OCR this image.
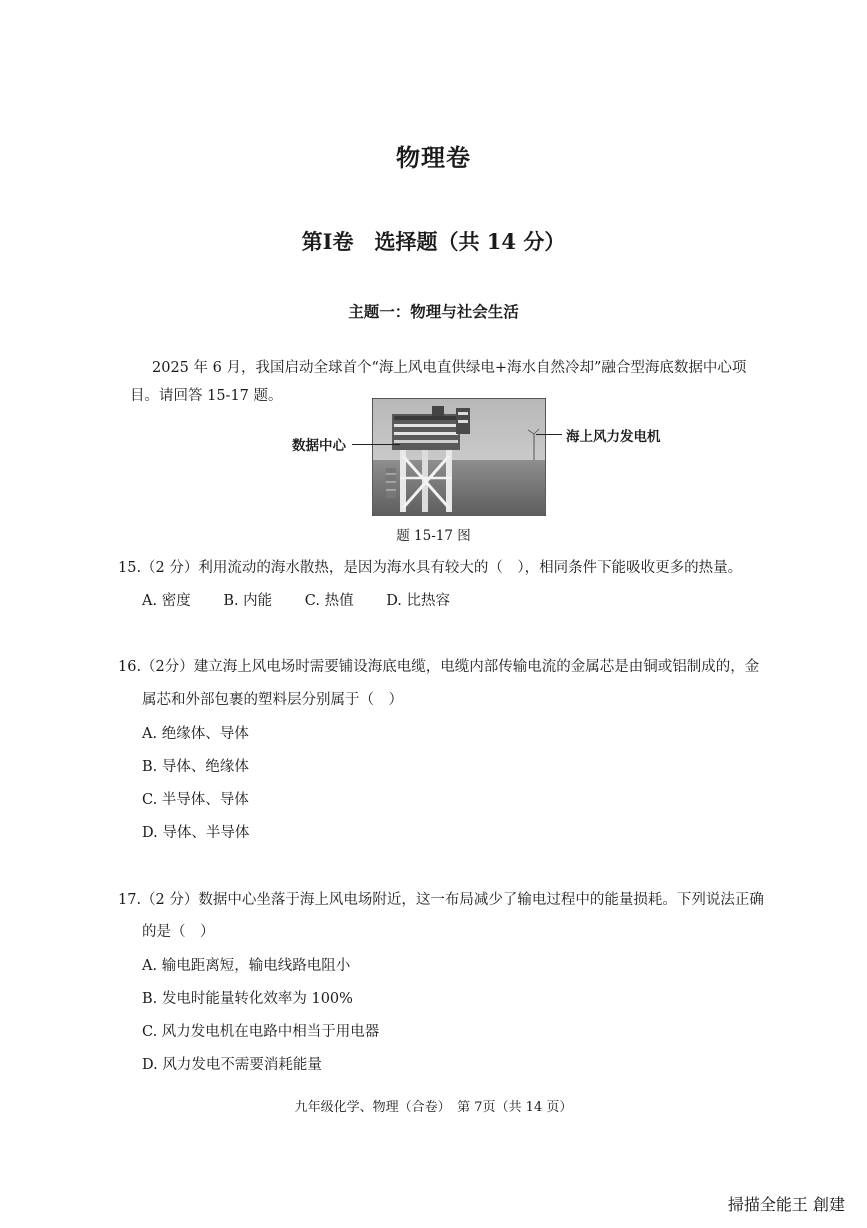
物理卷
第I卷　选择题（共 14 分）
主题一：物理与社会生活
2025 年 6 月，我国启动全球首个“海上风电直供绿电+海水自然冷却”融合型海底数据中心项
目。请回答 15-17 题。
数据中心
海上风力发电机
题 15-17 图
15.（2 分）利用流动的海水散热，是因为海水具有较大的（　），相同条件下能吸收更多的热量。
A. 密度 B. 内能 C. 热值 D. 比热容
16.（2分）建立海上风电场时需要铺设海底电缆，电缆内部传输电流的金属芯是由铜或铝制成的，金
属芯和外部包裹的塑料层分别属于（　）
A. 绝缘体、导体
B. 导体、绝缘体
C. 半导体、导体
D. 导体、半导体
17.（2 分）数据中心坐落于海上风电场附近，这一布局减少了输电过程中的能量损耗。下列说法正确
的是（　）
A. 输电距离短，输电线路电阻小
B. 发电时能量转化效率为 100%
C. 风力发电机在电路中相当于用电器
D. 风力发电不需要消耗能量
九年级化学、物理（合卷）　第 7页（共 14 页）
掃描全能王 創建
